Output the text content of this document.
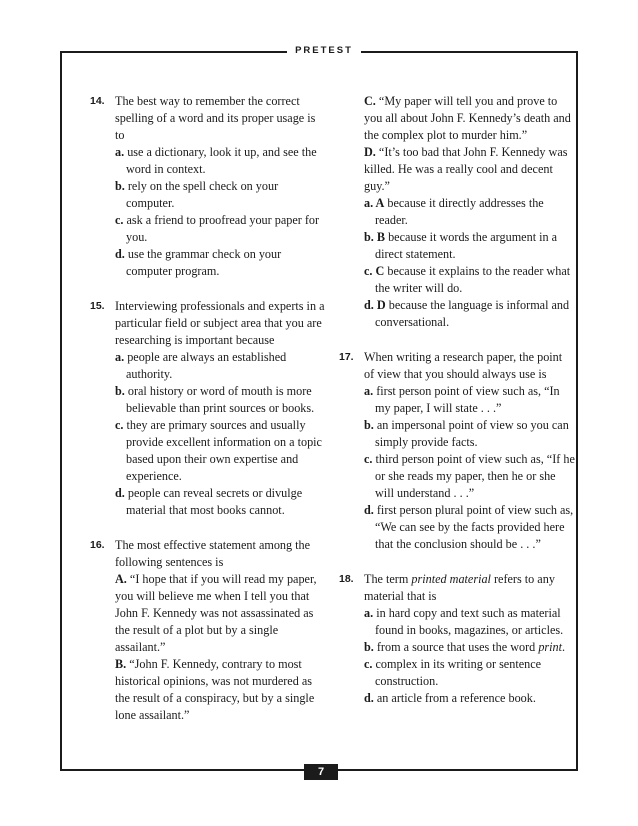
PRETEST
14. The best way to remember the correct spelling of a word and its proper usage is to
a. use a dictionary, look it up, and see the word in context.
b. rely on the spell check on your computer.
c. ask a friend to proofread your paper for you.
d. use the grammar check on your computer program.
15. Interviewing professionals and experts in a particular field or subject area that you are researching is important because
a. people are always an established authority.
b. oral history or word of mouth is more believable than print sources or books.
c. they are primary sources and usually provide excellent information on a topic based upon their own expertise and experience.
d. people can reveal secrets or divulge material that most books cannot.
16. The most effective statement among the following sentences is
A. “I hope that if you will read my paper, you will believe me when I tell you that John F. Kennedy was not assassinated as the result of a plot but by a single assailant.”
B. “John F. Kennedy, contrary to most historical opinions, was not murdered as the result of a conspiracy, but by a single lone assailant.”
C. “My paper will tell you and prove to you all about John F. Kennedy’s death and the complex plot to murder him.”
D. “It’s too bad that John F. Kennedy was killed. He was a really cool and decent guy.”
a. A because it directly addresses the reader.
b. B because it words the argument in a direct statement.
c. C because it explains to the reader what the writer will do.
d. D because the language is informal and conversational.
17. When writing a research paper, the point of view that you should always use is
a. first person point of view such as, “In my paper, I will state . . .”
b. an impersonal point of view so you can simply provide facts.
c. third person point of view such as, “If he or she reads my paper, then he or she will understand . . .”
d. first person plural point of view such as, “We can see by the facts provided here that the conclusion should be . . .”
18. The term printed material refers to any material that is
a. in hard copy and text such as material found in books, magazines, or articles.
b. from a source that uses the word print.
c. complex in its writing or sentence construction.
d. an article from a reference book.
7
